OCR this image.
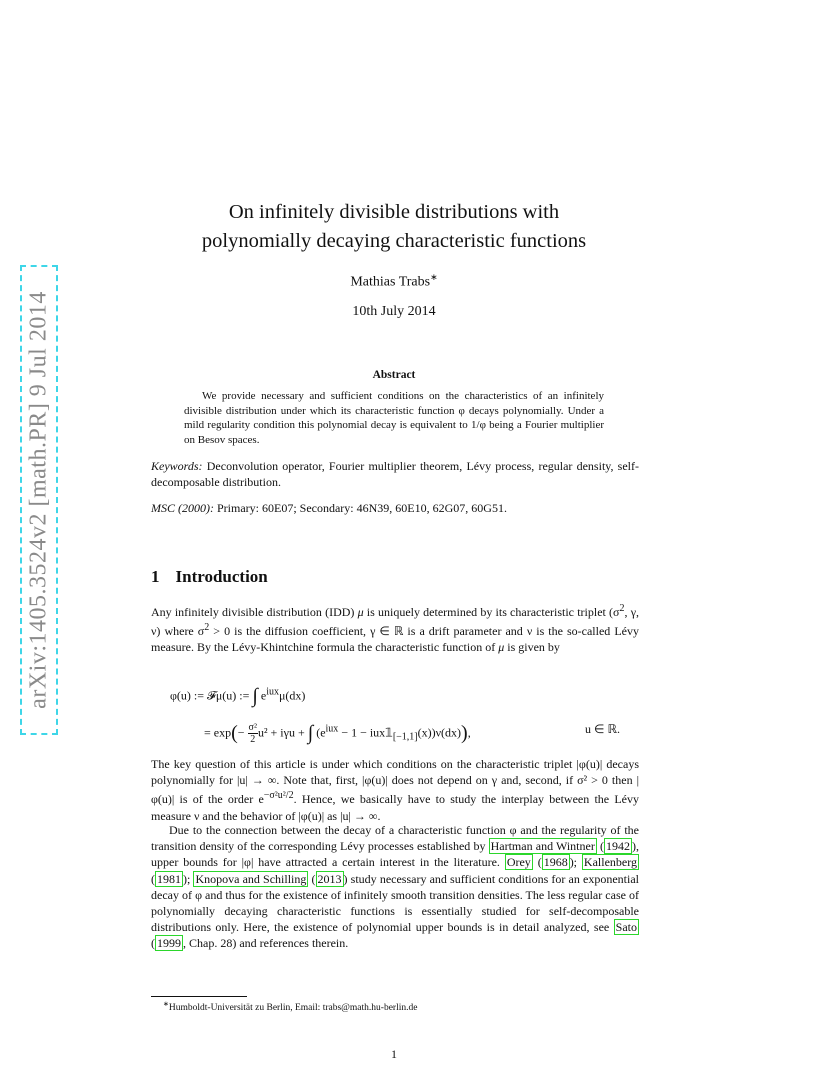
arXiv:1405.3524v2 [math.PR] 9 Jul 2014
On infinitely divisible distributions with
polynomially decaying characteristic functions
Mathias Trabs∗
10th July 2014
Abstract
We provide necessary and sufficient conditions on the characteristics of an infinitely divisible distribution under which its characteristic function φ decays polynomially. Under a mild regularity condition this polynomial decay is equivalent to 1/φ being a Fourier multiplier on Besov spaces.
Keywords: Deconvolution operator, Fourier multiplier theorem, Lévy process, regular density, self-decomposable distribution.
MSC (2000): Primary: 60E07; Secondary: 46N39, 60E10, 62G07, 60G51.
1 Introduction
Any infinitely divisible distribution (IDD) μ is uniquely determined by its characteristic triplet ($\sigma^2$, γ, ν) where $\sigma^2 > 0$ is the diffusion coefficient, γ ∈ ℝ is a drift parameter and ν is the so-called Lévy measure. By the Lévy-Khintchine formula the characteristic function of μ is given by
φ(u) := 𝓕μ(u) := ∫ $e^{iux}\mu(dx)$
= $\exp(- \frac{\text{σ²}}{2}u^2 + i\gamma u$ + ∫ ($e^{iux} - 1$ − $iux𝟙_{[-1,1]}(x))\nu(dx)$),	u ∈ ℝ.
The key question of this article is under which conditions on the characteristic triplet |φ(u)| decays polynomially for |u| → ∞. Note that, first, |φ(u)| does not depend on γ and, second, if σ² > 0 then |φ(u)| is of the order $e^{-\sigma^2u^2/2}$. Hence, we basically have to study the interplay between the Lévy measure ν and the behavior of |φ(u)| as |u| → ∞.
Due to the connection between the decay of a characteristic function φ and the regularity of the transition density of the corresponding Lévy processes established by Hartman and Wintner ( 1942 ), upper bounds for |φ| have attracted a certain interest in the literature. Orey ( 1968 ); Kallenberg ( 1981 ); Knopova and Schilling ( 2013 ) study necessary and sufficient conditions for an exponential decay of φ and thus for the existence of infinitely smooth transition densities. The less regular case of polynomially decaying characteristic functions is essentially studied for self-decomposable distributions only. Here, the existence of polynomial upper bounds is in detail analyzed, see Sato ( 1999 , Chap. 28) and references therein.
∗Humboldt-Universität zu Berlin, Email: trabs@math.hu-berlin.de
1
